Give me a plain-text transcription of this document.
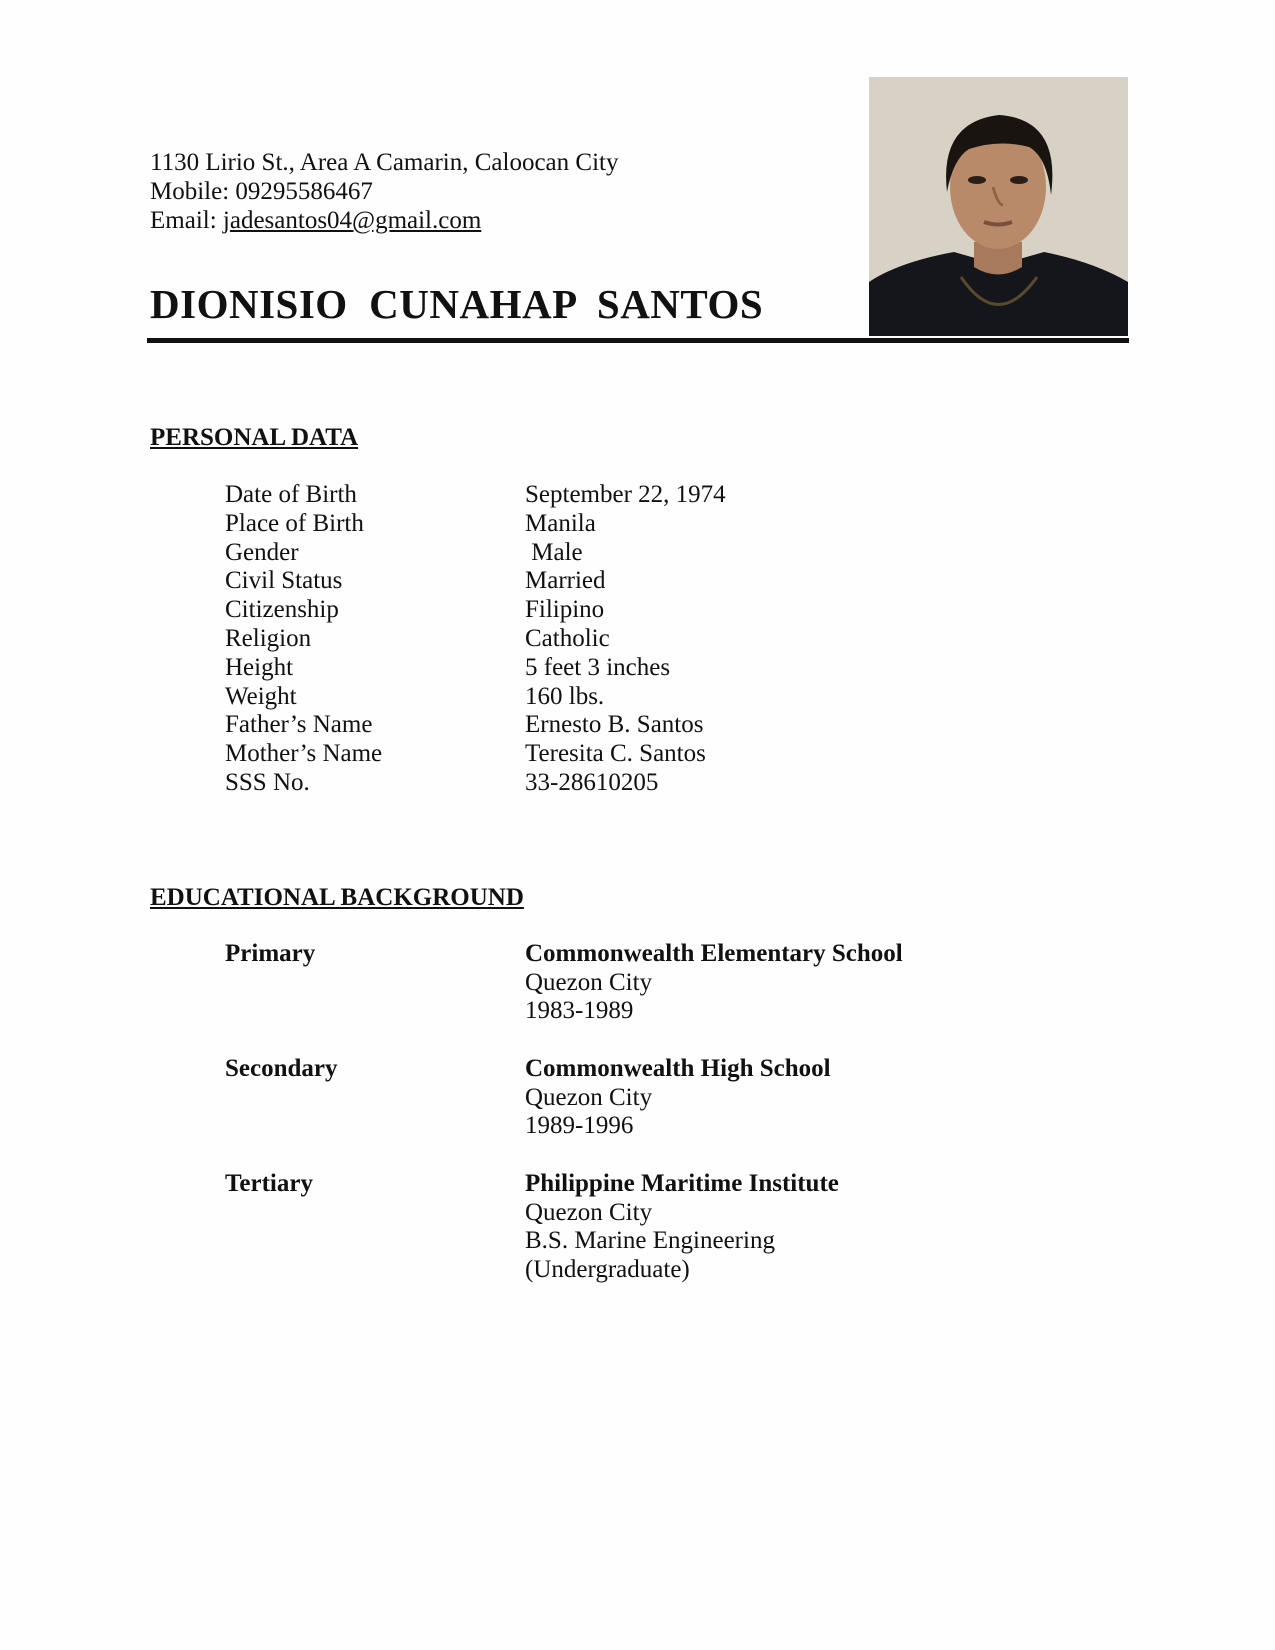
1130 Lirio St., Area A Camarin, Caloocan City
Mobile: 09295586467
Email: jadesantos04@gmail.com
DIONISIO  CUNAHAP  SANTOS
PERSONAL DATA
Date of Birth	September 22, 1974
Place of Birth	Manila
Gender	Male
Civil Status	Married
Citizenship	Filipino
Religion	Catholic
Height	5 feet 3 inches
Weight	160 lbs.
Father’s Name	Ernesto B. Santos
Mother’s Name	Teresita C. Santos
SSS No.	33-28610205
EDUCATIONAL BACKGROUND
Primary	Commonwealth Elementary School
Quezon City
1983-1989
Secondary	Commonwealth High School
Quezon City
1989-1996
Tertiary	Philippine Maritime Institute
Quezon City
B.S. Marine Engineering
(Undergraduate)
